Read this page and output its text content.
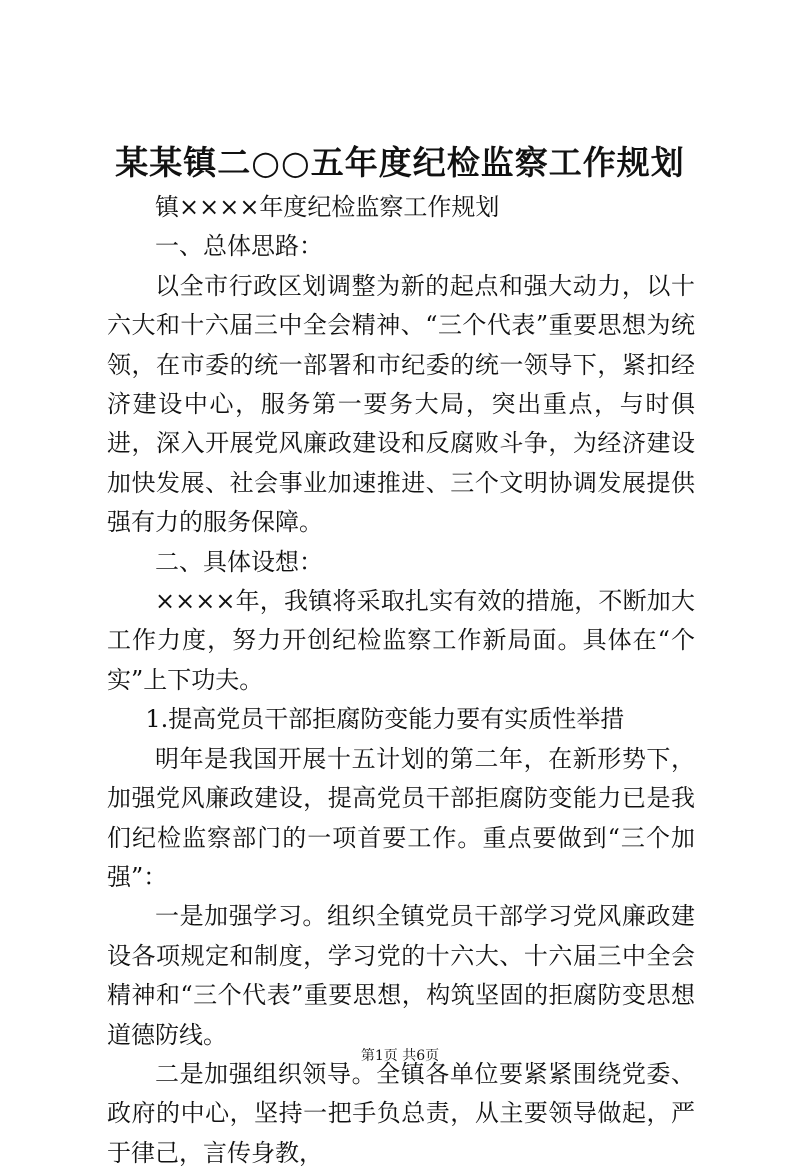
某某镇二○○五年度纪检监察工作规划

镇××××年度纪检监察工作规划

一、总体思路：

以全市行政区划调整为新的起点和强大动力，以十六大和十六届三中全会精神、“三个代表”重要思想为统领，在市委的统一部署和市纪委的统一领导下，紧扣经济建设中心，服务第一要务大局，突出重点，与时俱进，深入开展党风廉政建设和反腐败斗争，为经济建设加快发展、社会事业加速推进、三个文明协调发展提供强有力的服务保障。

二、具体设想：

××××年，我镇将采取扎实有效的措施，不断加大工作力度，努力开创纪检监察工作新局面。具体在“个实”上下功夫。

1.提高党员干部拒腐防变能力要有实质性举措

明年是我国开展十五计划的第二年，在新形势下，加强党风廉政建设，提高党员干部拒腐防变能力已是我们纪检监察部门的一项首要工作。重点要做到“三个加强”：

一是加强学习。组织全镇党员干部学习党风廉政建设各项规定和制度，学习党的十六大、十六届三中全会精神和“三个代表”重要思想，构筑坚固的拒腐防变思想道德防线。

二是加强组织领导。全镇各单位要紧紧围绕党委、政府的中心，坚持一把手负总责，从主要领导做起，严于律己，言传身教，

第1页 共6页
